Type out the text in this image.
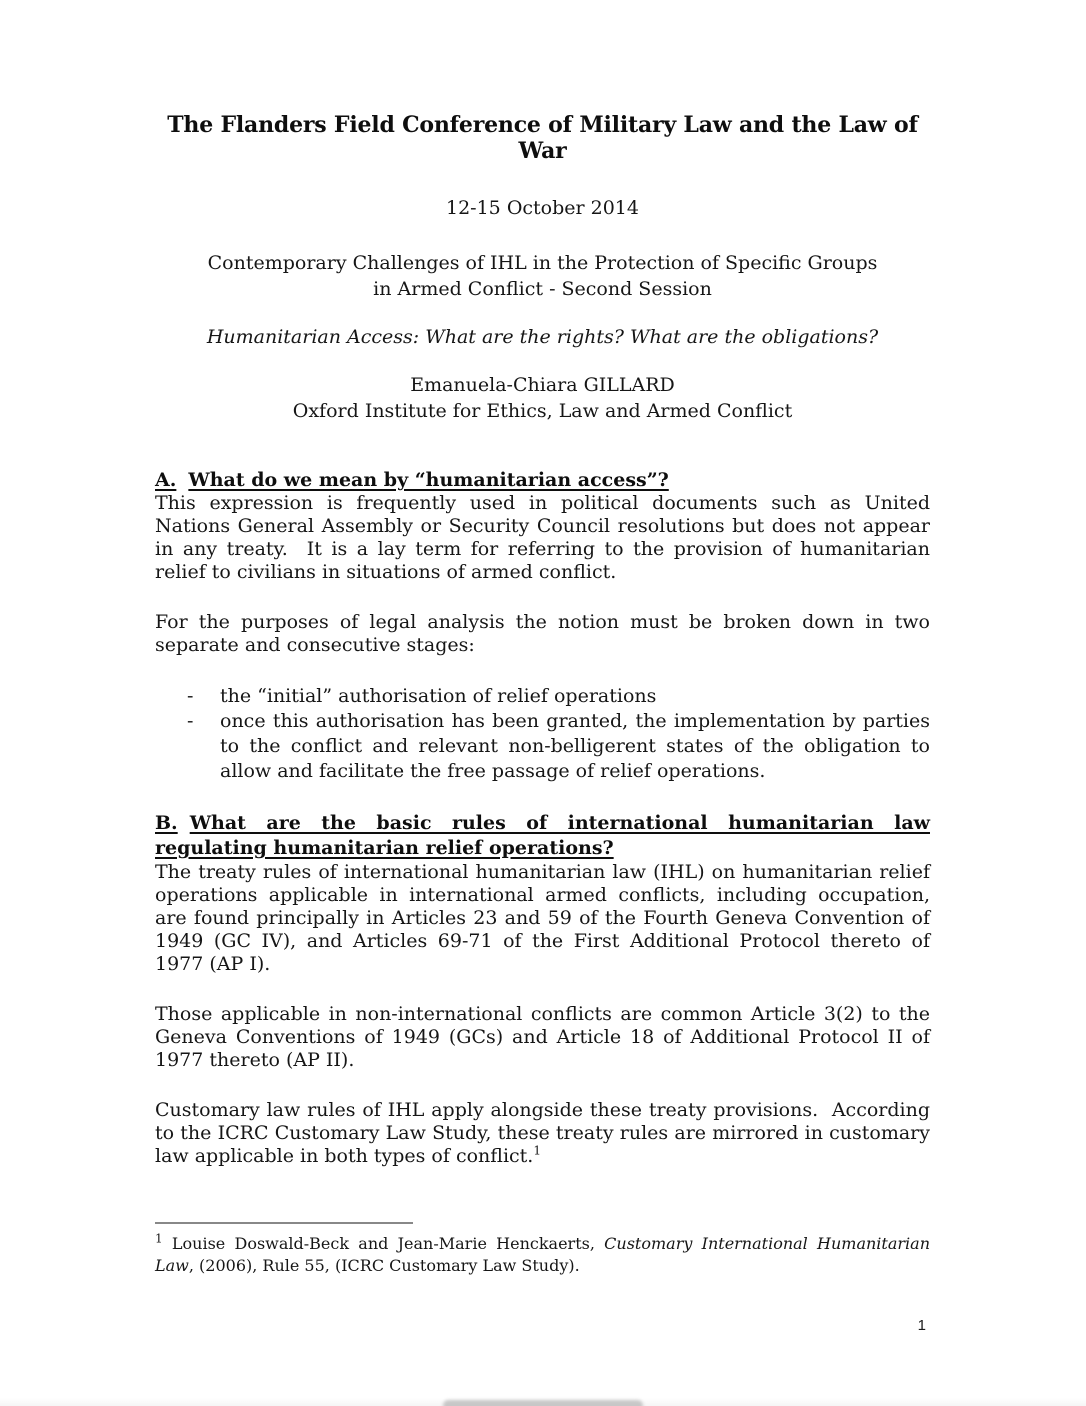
The Flanders Field Conference of Military Law and the Law of War

12-15 October 2014

Contemporary Challenges of IHL in the Protection of Specific Groups
in Armed Conflict - Second Session

Humanitarian Access: What are the rights? What are the obligations?

Emanuela-Chiara GILLARD
Oxford Institute for Ethics, Law and Armed Conflict
A. What do we mean by “humanitarian access”?

This expression is frequently used in political documents such as United Nations General Assembly or Security Council resolutions but does not appear in any treaty.  It is a lay term for referring to the provision of humanitarian relief to civilians in situations of armed conflict.

For the purposes of legal analysis the notion must be broken down in two separate and consecutive stages:

-	the “initial” authorisation of relief operations

-	once this authorisation has been granted, the implementation by parties to the conflict and relevant non-belligerent states of the obligation to allow and facilitate the free passage of relief operations.

B. What are the basic rules of international humanitarian law regulating humanitarian relief operations?

The treaty rules of international humanitarian law (IHL) on humanitarian relief operations applicable in international armed conflicts, including occupation, are found principally in Articles 23 and 59 of the Fourth Geneva Convention of 1949 (GC IV), and Articles 69-71 of the First Additional Protocol thereto of 1977 (AP I).

Those applicable in non-international conflicts are common Article 3(2) to the Geneva Conventions of 1949 (GCs) and Article 18 of Additional Protocol II of 1977 thereto (AP II).

Customary law rules of IHL apply alongside these treaty provisions.  According to the ICRC Customary Law Study, these treaty rules are mirrored in customary law applicable in both types of conflict.$^1$

$^1$ Louise Doswald-Beck and Jean-Marie Henckaerts, Customary International Humanitarian Law, (2006), Rule 55, (ICRC Customary Law Study).

1
